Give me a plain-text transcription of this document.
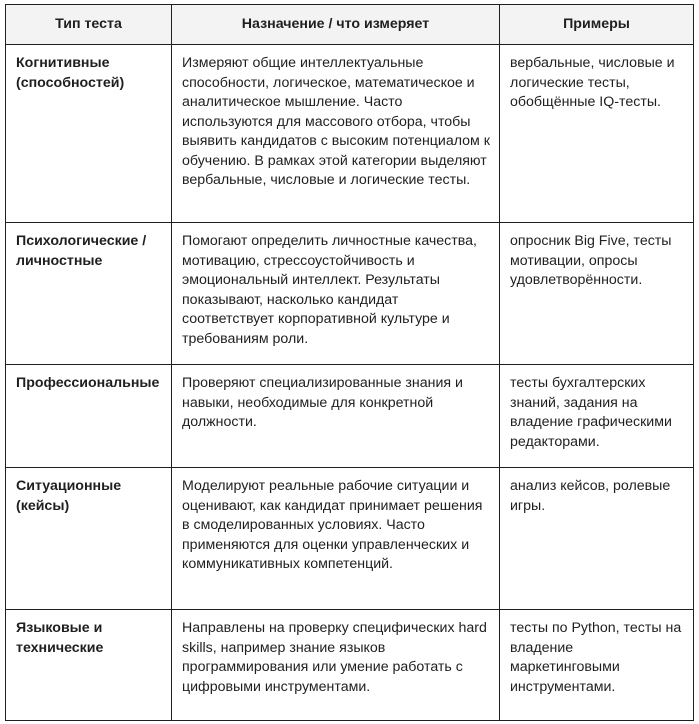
Тип теста	Назначение / что измеряет	Примеры
Когнитивные (способностей)	Измеряют общие интеллектуальные способности, логическое, математическое и аналитическое мышление. Часто используются для массового отбора, чтобы выявить кандидатов с высоким потенциалом к обучению. В рамках этой категории выделяют вербальные, числовые и логические тесты.	вербальные, числовые и логические тесты, обобщённые IQ-тесты.
Психологические / личностные	Помогают определить личностные качества, мотивацию, стрессоустойчивость и эмоциональный интеллект. Результаты показывают, насколько кандидат соответствует корпоративной культуре и требованиям роли.	опросник Big Five, тесты мотивации, опросы удовлетворённости.
Профессиональные	Проверяют специализированные знания и навыки, необходимые для конкретной должности.	тесты бухгалтерских знаний, задания на владение графическими редакторами.
Ситуационные (кейсы)	Моделируют реальные рабочие ситуации и оценивают, как кандидат принимает решения в смоделированных условиях. Часто применяются для оценки управленческих и коммуникативных компетенций.	анализ кейсов, ролевые игры.
Языковые и технические	Направлены на проверку специфических hard skills, например знание языков программирования или умение работать с цифровыми инструментами.	тесты по Python, тесты на владение маркетинговыми инструментами.
